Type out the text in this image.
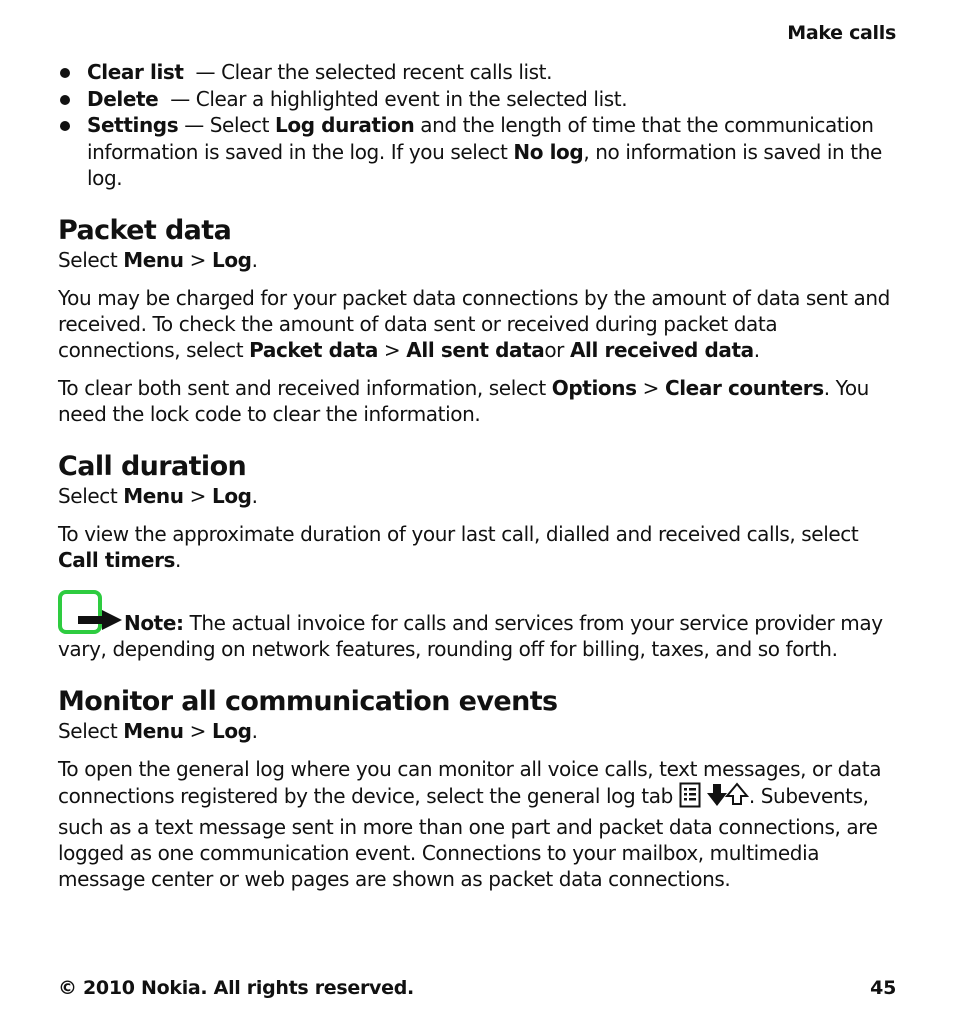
Make calls
Clear list — Clear the selected recent calls list.
Delete — Clear a highlighted event in the selected list.
Settings — Select Log duration and the length of time that the communication information is saved in the log. If you select No log, no information is saved in the log.
Packet data

Select Menu > Log.

You may be charged for your packet data connections by the amount of data sent and received. To check the amount of data sent or received during packet data connections, select Packet data > All sent dataor All received data.

To clear both sent and received information, select Options > Clear counters. You need the lock code to clear the information.

Call duration

Select Menu > Log.

To view the approximate duration of your last call, dialled and received calls, select Call timers.

Note: The actual invoice for calls and services from your service provider may vary, depending on network features, rounding off for billing, taxes, and so forth.

Monitor all communication events

Select Menu > Log.

To open the general log where you can monitor all voice calls, text messages, or data connections registered by the device, select the general log tab	. Subevents, such as a text message sent in more than one part and packet data connections, are logged as one communication event. Connections to your mailbox, multimedia message center or web pages are shown as packet data connections.

© 2010 Nokia. All rights reserved.	45
